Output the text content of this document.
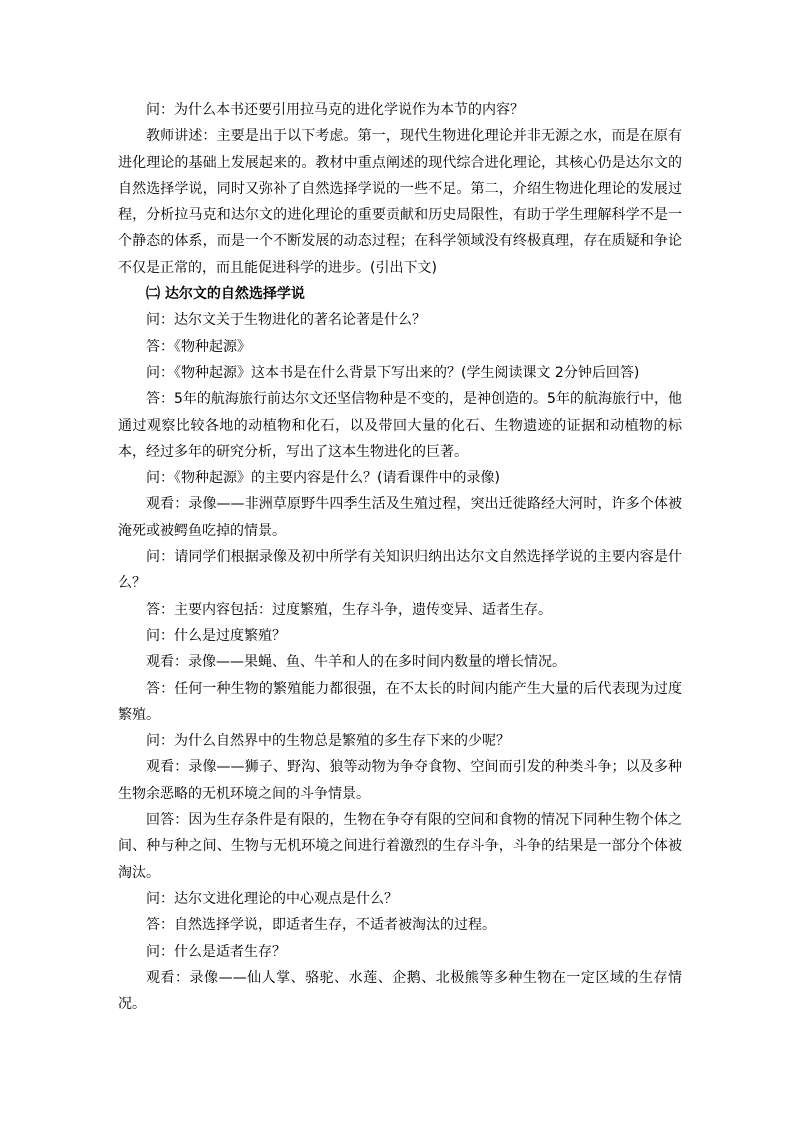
问：为什么本书还要引用拉马克的进化学说作为本节的内容？

教师讲述：主要是出于以下考虑。第一，现代生物进化理论并非无源之水，而是在原有进化理论的基础上发展起来的。教材中重点阐述的现代综合进化理论，其核心仍是达尔文的自然选择学说，同时又弥补了自然选择学说的一些不足。第二，介绍生物进化理论的发展过程，分析拉马克和达尔文的进化理论的重要贡献和历史局限性，有助于学生理解科学不是一个静态的体系，而是一个不断发展的动态过程；在科学领域没有终极真理，存在质疑和争论不仅是正常的，而且能促进科学的进步。(引出下文)

㈡ 达尔文的自然选择学说

问：达尔文关于生物进化的著名论著是什么？

答：《物种起源》

问：《物种起源》这本书是在什么背景下写出来的？(学生阅读课文 2分钟后回答)

答：5年的航海旅行前达尔文还坚信物种是不变的，是神创造的。5年的航海旅行中，他通过观察比较各地的动植物和化石，以及带回大量的化石、生物遗迹的证据和动植物的标本，经过多年的研究分析，写出了这本生物进化的巨著。

问：《物种起源》的主要内容是什么？(请看课件中的录像)

观看：录像——非洲草原野牛四季生活及生殖过程，突出迁徙路经大河时，许多个体被淹死或被鳄鱼吃掉的情景。

问：请同学们根据录像及初中所学有关知识归纳出达尔文自然选择学说的主要内容是什么？

答：主要内容包括：过度繁殖，生存斗争，遗传变异、适者生存。

问：什么是过度繁殖？

观看：录像——果蝇、鱼、牛羊和人的在多时间内数量的增长情况。

答：任何一种生物的繁殖能力都很强，在不太长的时间内能产生大量的后代表现为过度繁殖。

问：为什么自然界中的生物总是繁殖的多生存下来的少呢？

观看：录像——狮子、野沟、狼等动物为争夺食物、空间而引发的种类斗争；以及多种生物余恶略的无机环境之间的斗争情景。

回答：因为生存条件是有限的，生物在争夺有限的空间和食物的情况下同种生物个体之间、种与种之间、生物与无机环境之间进行着激烈的生存斗争，斗争的结果是一部分个体被淘汰。

问：达尔文进化理论的中心观点是什么？

答：自然选择学说，即适者生存，不适者被淘汰的过程。

问：什么是适者生存？

观看：录像——仙人掌、骆驼、水莲、企鹅、北极熊等多种生物在一定区域的生存情况。
